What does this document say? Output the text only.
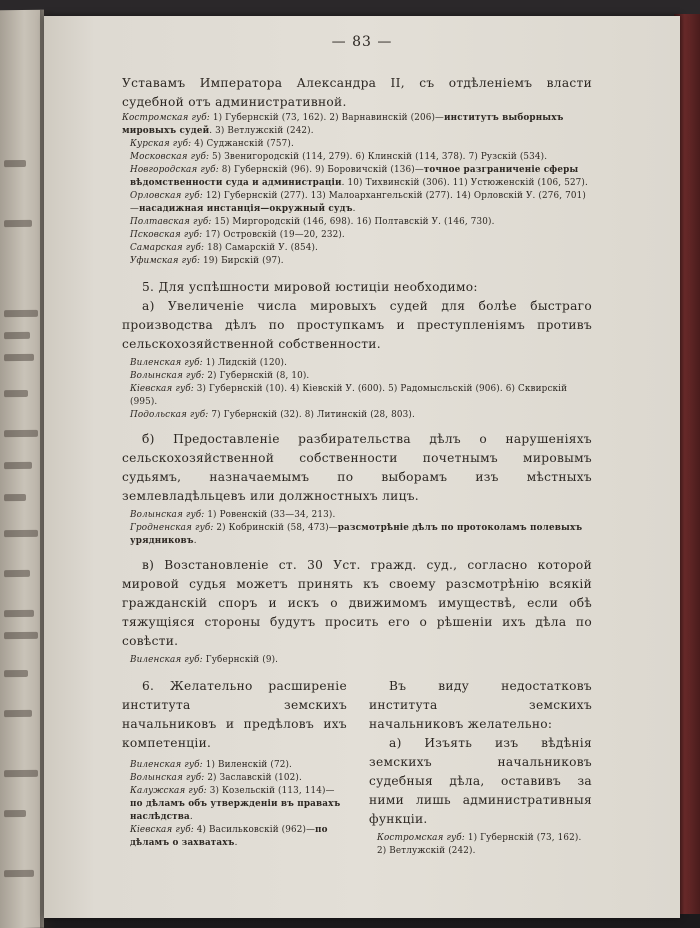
— 83 —

Уставамъ Императора Александра II, съ отдѣленіемъ власти судебной отъ административной.

Костромская губ: 1) Губернскій (73, 162). 2) Варнавинскій (206)—институтъ выборныхъ мировыхъ судей. 3) Ветлужскій (242).

Курская губ: 4) Суджанскій (757).

Московская губ: 5) Звенигородскій (114, 279). 6) Клинскій (114, 378). 7) Рузскій (534).

Новгородская губ: 8) Губернскій (96). 9) Боровичскій (136)—точное разграниченіе сферы вѣдомственности суда и администраціи. 10) Тихвинскій (306). 11) Устюженскій (106, 527).

Орловская губ: 12) Губернскій (277). 13) Малоархангельскій (277). 14) Орловскій У. (276, 701)—насадижная инстанція—окружный судъ.

Полтавская губ: 15) Миргородскій (146, 698). 16) Полтавскій У. (146, 730).

Псковская губ: 17) Островскій (19—20, 232).

Самарская губ: 18) Самарскій У. (854).

Уфимская губ: 19) Бирскій (97).

5. Для успѣшности мировой юстиціи необходимо:

а) Увеличеніе числа мировыхъ судей для болѣе быстраго производства дѣлъ по проступкамъ и преступленіямъ противъ сельскохозяйственной собственности.

Виленская губ: 1) Лидскій (120).

Волынская губ: 2) Губернскій (8, 10).

Кіевская губ: 3) Губернскій (10). 4) Кіевскій У. (600). 5) Радомысльскій (906). 6) Сквирскій (995).

Подольская губ: 7) Губернскій (32). 8) Литинскій (28, 803).

б) Предоставленіе разбирательства дѣлъ о нарушеніяхъ сельскохозяйственной собственности почетнымъ мировымъ судьямъ, назначаемымъ по выборамъ изъ мѣстныхъ землевладѣльцевъ или должностныхъ лицъ.

Волынская губ: 1) Ровенскій (33—34, 213).

Гродненская губ: 2) Кобринскій (58, 473)—разсмотрѣніе дѣлъ по протоколамъ полевыхъ урядниковъ.

в) Возстановленіе ст. 30 Уст. гражд. суд., согласно которой мировой судья можетъ принять къ своему разсмотрѣнію всякій гражданскій споръ и искъ о движимомъ имуществѣ, если обѣ тяжущіяся стороны будутъ просить его о рѣшеніи ихъ дѣла по совѣсти.

Виленская губ: Губернскій (9).

6. Желательно расширеніе института земскихъ начальниковъ и предѣловъ ихъ компетенціи.

Виленская губ: 1) Виленскій (72).

Волынская губ: 2) Заславскій (102).

Калужская губ: 3) Козельскій (113, 114)—по дѣламъ объ утвержденіи въ правахъ наслѣдства.

Кіевская губ: 4) Васильковскій (962)—по дѣламъ о захватахъ.

Въ виду недостатковъ института земскихъ начальниковъ желательно:

а) Изъять изъ вѣдѣнія земскихъ начальниковъ судебныя дѣла, оставивъ за ними лишь административныя функціи.

Костромская губ: 1) Губернскій (73, 162). 2) Ветлужскій (242).
